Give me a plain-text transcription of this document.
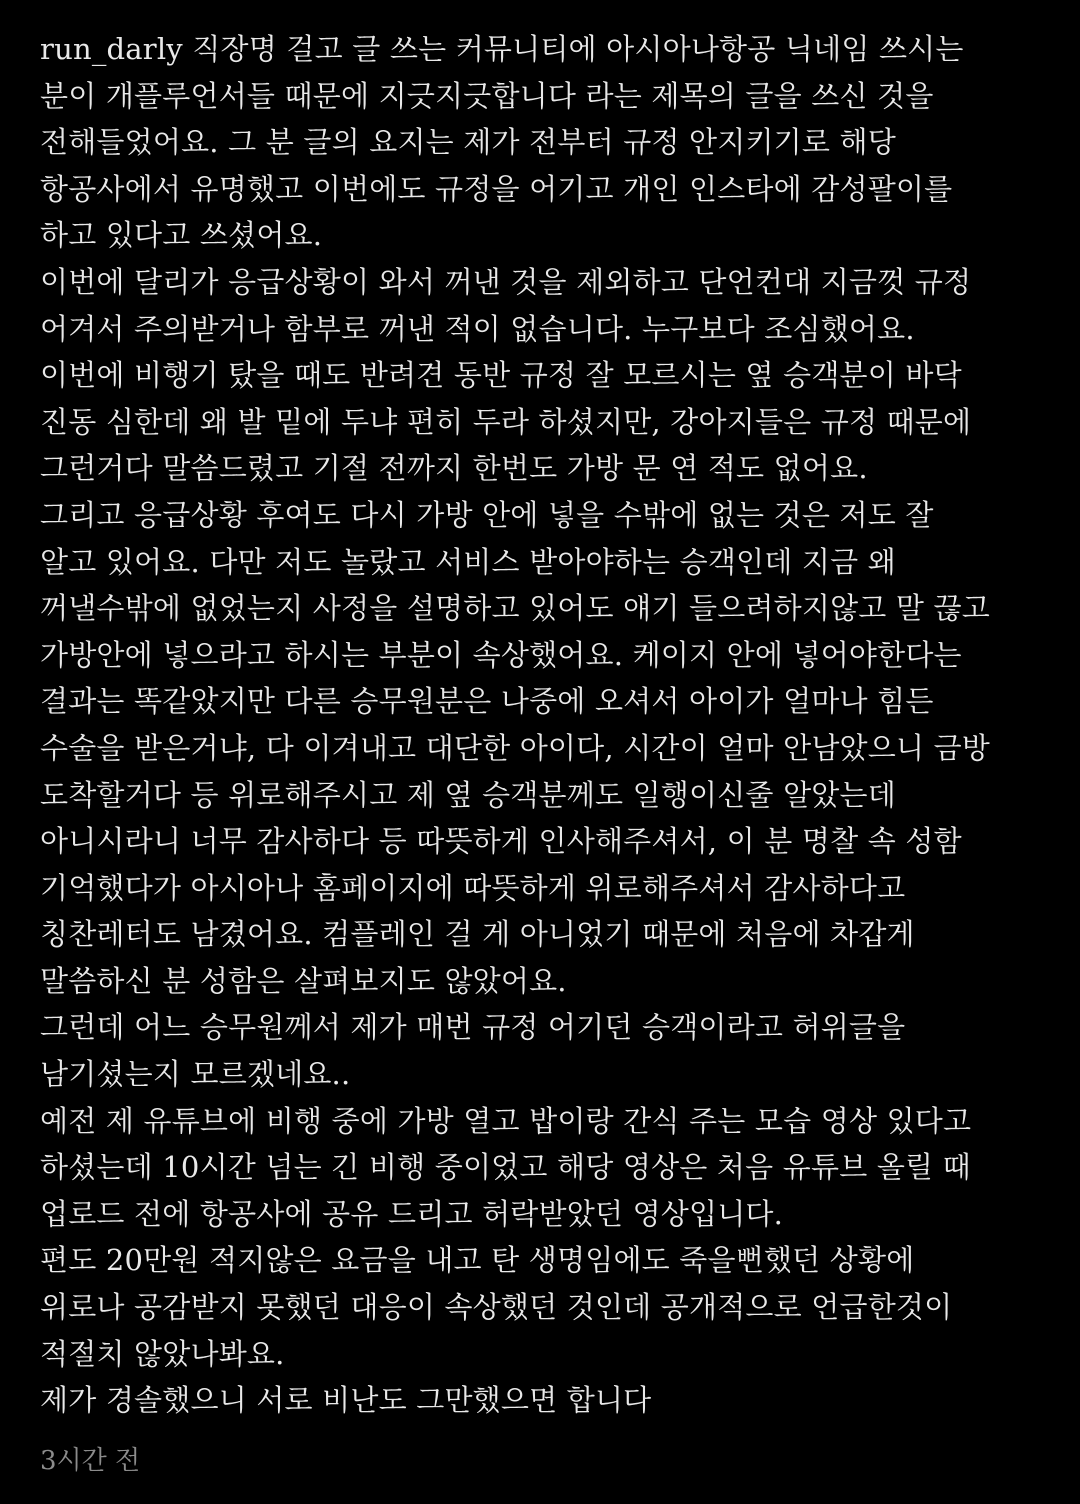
run_darly 직장명 걸고 글 쓰는 커뮤니티에 아시아나항공 닉네임 쓰시는
분이 개플루언서들 때문에 지긋지긋합니다 라는 제목의 글을 쓰신 것을
전해들었어요. 그 분 글의 요지는 제가 전부터 규정 안지키기로 해당
항공사에서 유명했고 이번에도 규정을 어기고 개인 인스타에 감성팔이를
하고 있다고 쓰셨어요.
이번에 달리가 응급상황이 와서 꺼낸 것을 제외하고 단언컨대 지금껏 규정
어겨서 주의받거나 함부로 꺼낸 적이 없습니다. 누구보다 조심했어요.
이번에 비행기 탔을 때도 반려견 동반 규정 잘 모르시는 옆 승객분이 바닥
진동 심한데 왜 발 밑에 두냐 편히 두라 하셨지만, 강아지들은 규정 때문에
그런거다 말씀드렸고 기절 전까지 한번도 가방 문 연 적도 없어요.
그리고 응급상황 후여도 다시 가방 안에 넣을 수밖에 없는 것은 저도 잘
알고 있어요. 다만 저도 놀랐고 서비스 받아야하는 승객인데 지금 왜
꺼낼수밖에 없었는지 사정을 설명하고 있어도 얘기 들으려하지않고 말 끊고
가방안에 넣으라고 하시는 부분이 속상했어요. 케이지 안에 넣어야한다는
결과는 똑같았지만 다른 승무원분은 나중에 오셔서 아이가 얼마나 힘든
수술을 받은거냐, 다 이겨내고 대단한 아이다, 시간이 얼마 안남았으니 금방
도착할거다 등 위로해주시고 제 옆 승객분께도 일행이신줄 알았는데
아니시라니 너무 감사하다 등 따뜻하게 인사해주셔서, 이 분 명찰 속 성함
기억했다가 아시아나 홈페이지에 따뜻하게 위로해주셔서 감사하다고
칭찬레터도 남겼어요. 컴플레인 걸 게 아니었기 때문에 처음에 차갑게
말씀하신 분 성함은 살펴보지도 않았어요.
그런데 어느 승무원께서 제가 매번 규정 어기던 승객이라고 허위글을
남기셨는지 모르겠네요..
예전 제 유튜브에 비행 중에 가방 열고 밥이랑 간식 주는 모습 영상 있다고
하셨는데 10시간 넘는 긴 비행 중이었고 해당 영상은 처음 유튜브 올릴 때
업로드 전에 항공사에 공유 드리고 허락받았던 영상입니다.
편도 20만원 적지않은 요금을 내고 탄 생명임에도 죽을뻔했던 상황에
위로나 공감받지 못했던 대응이 속상했던 것인데 공개적으로 언급한것이
적절치 않았나봐요.
제가 경솔했으니 서로 비난도 그만했으면 합니다
3시간 전
